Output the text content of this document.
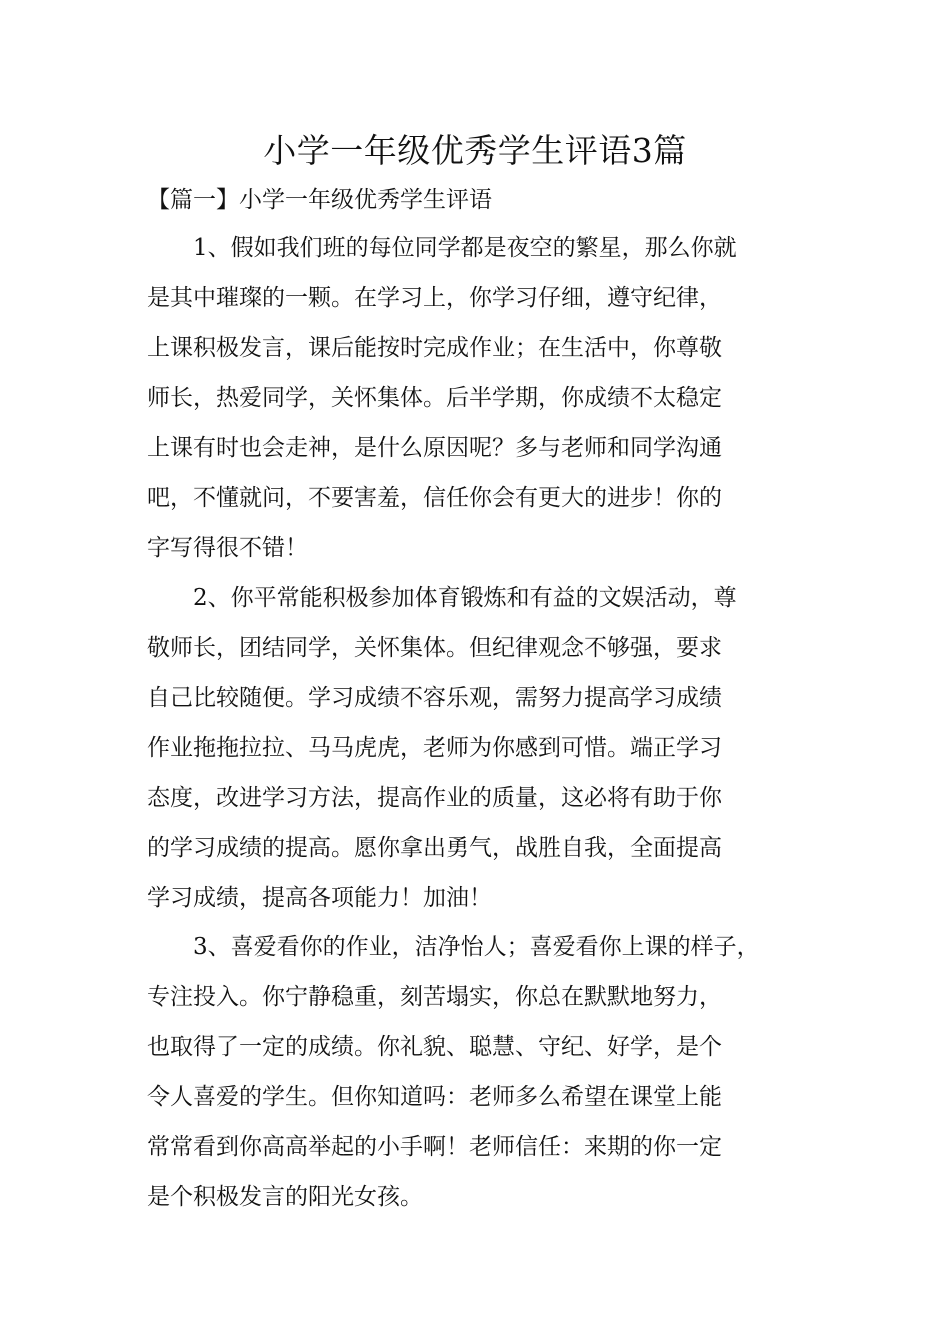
小学一年级优秀学生评语3篇
【篇一】小学一年级优秀学生评语
1、假如我们班的每位同学都是夜空的繁星，那么你就
是其中璀璨的一颗。在学习上，你学习仔细，遵守纪律，
上课积极发言，课后能按时完成作业；在生活中，你尊敬
师长，热爱同学，关怀集体。后半学期，你成绩不太稳定
上课有时也会走神，是什么原因呢？多与老师和同学沟通
吧，不懂就问，不要害羞，信任你会有更大的进步！你的
字写得很不错！
2、你平常能积极参加体育锻炼和有益的文娱活动，尊
敬师长，团结同学，关怀集体。但纪律观念不够强，要求
自己比较随便。学习成绩不容乐观，需努力提高学习成绩
作业拖拖拉拉、马马虎虎，老师为你感到可惜。端正学习
态度，改进学习方法，提高作业的质量，这必将有助于你
的学习成绩的提高。愿你拿出勇气，战胜自我，全面提高
学习成绩，提高各项能力！加油！
3、喜爱看你的作业，洁净怡人；喜爱看你上课的样子，
专注投入。你宁静稳重，刻苦塌实，你总在默默地努力，
也取得了一定的成绩。你礼貌、聪慧、守纪、好学，是个
令人喜爱的学生。但你知道吗：老师多么希望在课堂上能
常常看到你高高举起的小手啊！老师信任：来期的你一定
是个积极发言的阳光女孩。
